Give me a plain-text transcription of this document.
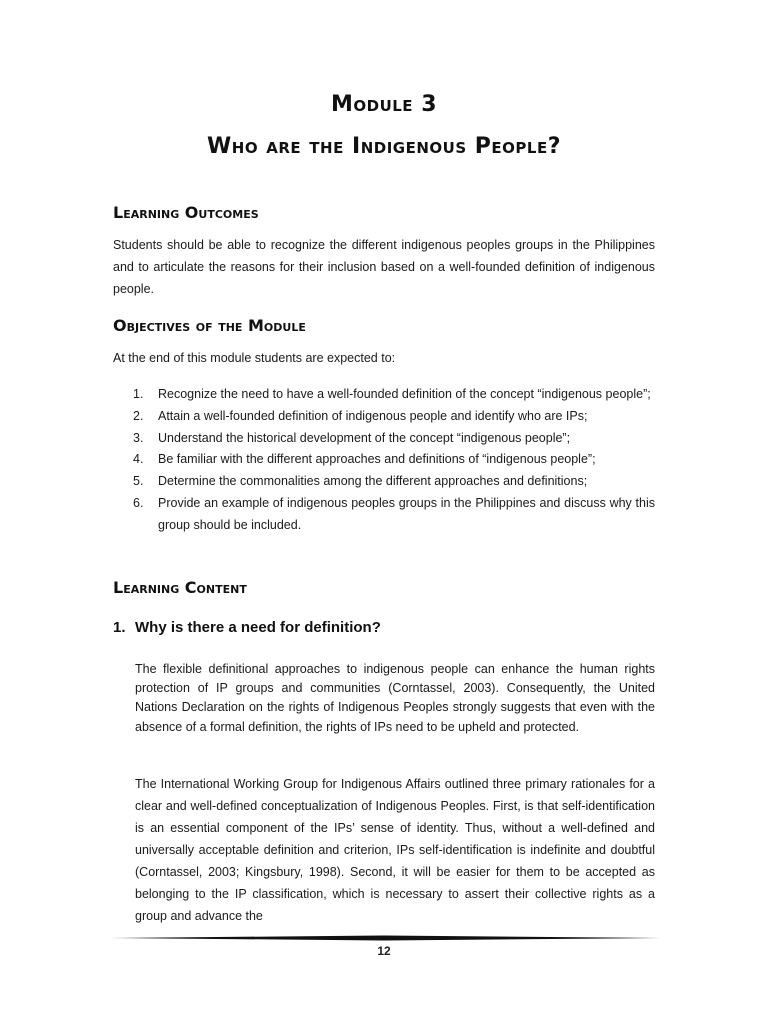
Module 3
Who are the Indigenous People?
Learning Outcomes
Students should be able to recognize the different indigenous peoples groups in the Philippines and to articulate the reasons for their inclusion based on a well-founded definition of indigenous people.
Objectives of the Module
At the end of this module students are expected to:
1.	Recognize the need to have a well-founded definition of the concept “indigenous people”;
2.	Attain a well-founded definition of indigenous people and identify who are IPs;
3.	Understand the historical development of the concept “indigenous people”;
4.	Be familiar with the different approaches and definitions of “indigenous people”;
5.	Determine the commonalities among the different approaches and definitions;
6.	Provide an example of indigenous peoples groups in the Philippines and discuss why this group should be included.
Learning Content
1. Why is there a need for definition?
The flexible definitional approaches to indigenous people can enhance the human rights protection of IP groups and communities (Corntassel, 2003). Consequently, the United Nations Declaration on the rights of Indigenous Peoples strongly suggests that even with the absence of a formal definition, the rights of IPs need to be upheld and protected.
The International Working Group for Indigenous Affairs outlined three primary rationales for a clear and well-defined conceptualization of Indigenous Peoples. First, is that self-identification is an essential component of the IPs’ sense of identity. Thus, without a well-defined and universally acceptable definition and criterion, IPs self-identification is indefinite and doubtful (Corntassel, 2003; Kingsbury, 1998). Second, it will be easier for them to be accepted as belonging to the IP classification, which is necessary to assert their collective rights as a group and advance the
12
